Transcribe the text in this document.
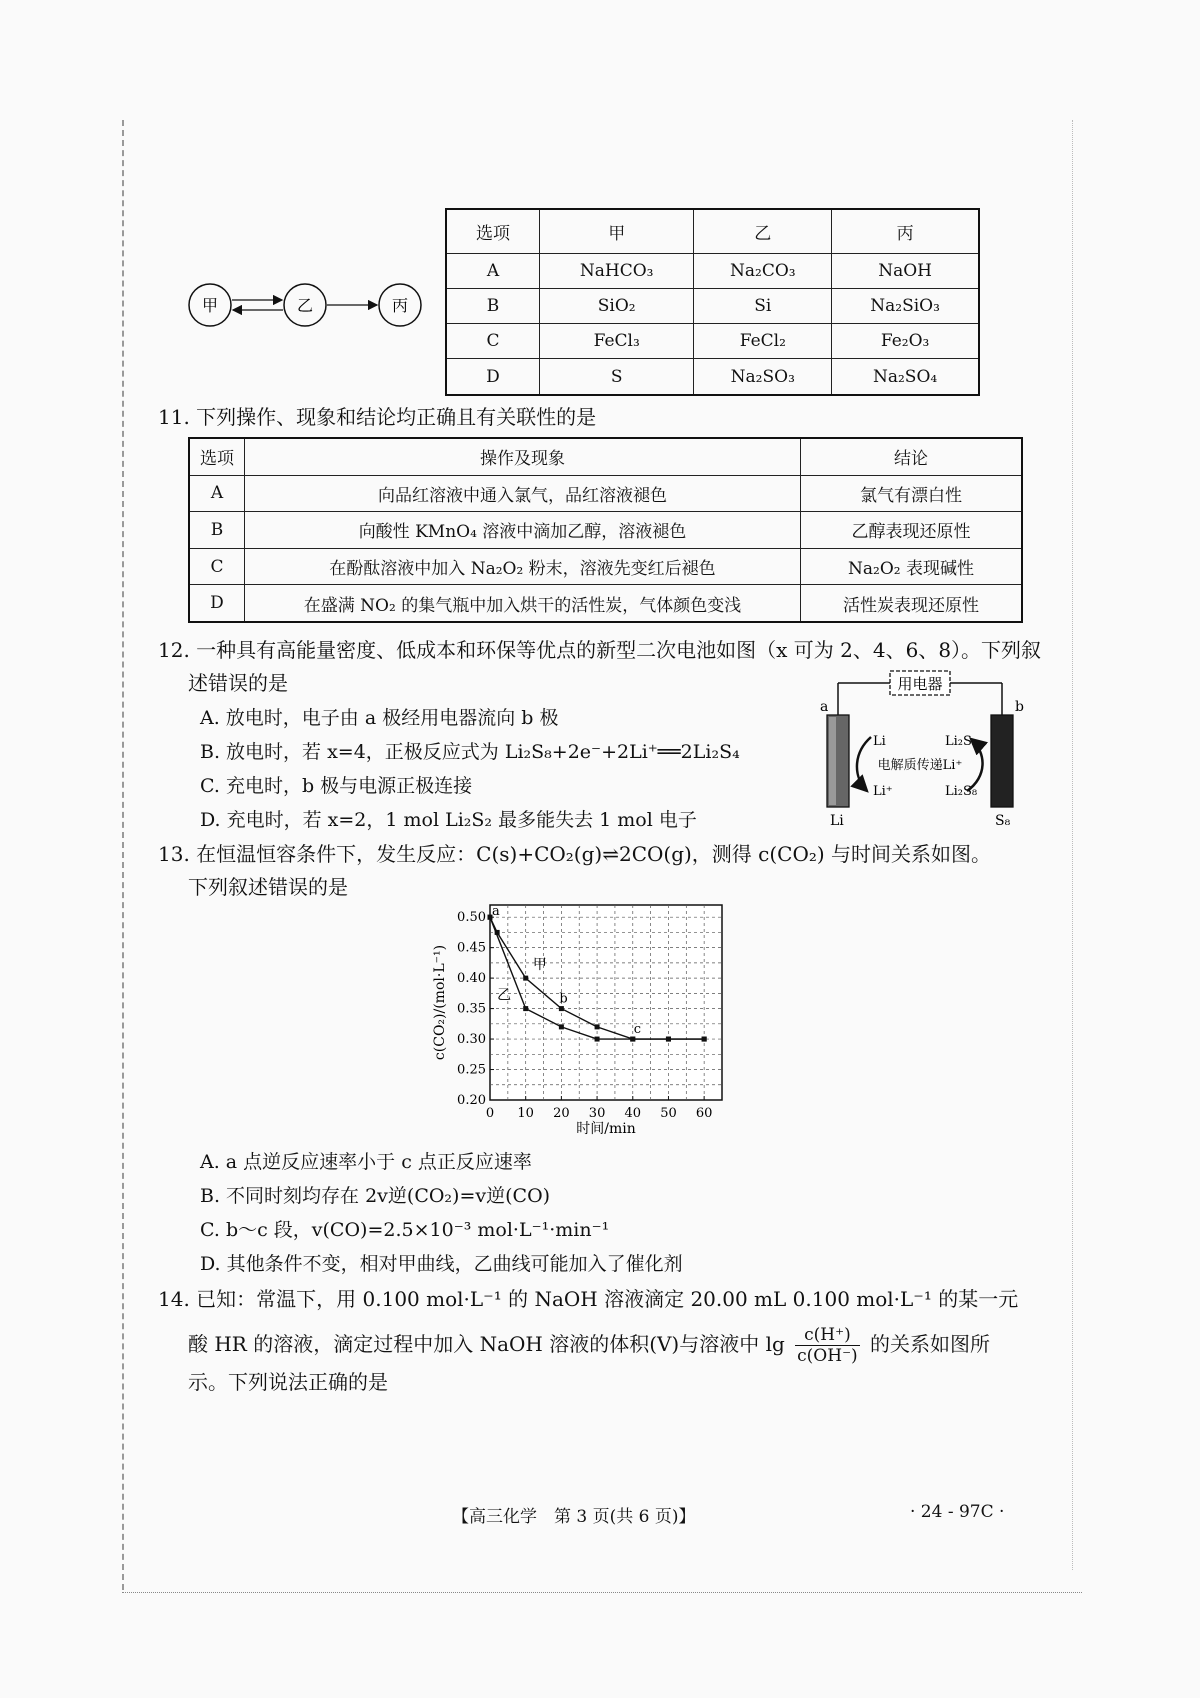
甲	乙	丙
选项	甲	乙	丙
A	NaHCO₃	Na₂CO₃	NaOH
B	SiO₂	Si	Na₂SiO₃
C	FeCl₃	FeCl₂	Fe₂O₃
D	S	Na₂SO₃	Na₂SO₄
11. 下列操作、现象和结论均正确且有关联性的是
选项	操作及现象	结论
A	向品红溶液中通入氯气，品红溶液褪色	氯气有漂白性
B	向酸性 KMnO₄ 溶液中滴加乙醇，溶液褪色	乙醇表现还原性
C	在酚酞溶液中加入 Na₂O₂ 粉末，溶液先变红后褪色	Na₂O₂ 表现碱性
D	在盛满 NO₂ 的集气瓶中加入烘干的活性炭，气体颜色变浅	活性炭表现还原性
12. 一种具有高能量密度、低成本和环保等优点的新型二次电池如图（x 可为 2、4、6、8）。下列叙
述错误的是
A. 放电时，电子由 a 极经用电器流向 b 极
B. 放电时，若 x=4，正极反应式为 Li₂S₈+2e⁻+2Li⁺══2Li₂S₄
C. 充电时，b 极与电源正极连接
D. 充电时，若 x=2，1 mol Li₂S₂ 最多能失去 1 mol 电子
用电器
a	b
Li	S₈
Li	Li₂Sₓ
电解质传递Li⁺
Li⁺	Li₂S₈
13. 在恒温恒容条件下，发生反应：C(s)+CO₂(g)⇌2CO(g)，测得 c(CO₂) 与时间关系如图。
下列叙述错误的是
0 10 20 30 40 50 60
0.20
0.25
0.30
0.35
0.40
0.45
0.50
时间/min
c(CO₂)/(mol·L⁻¹)	甲
乙
a
b
c
A. a 点逆反应速率小于 c 点正反应速率
B. 不同时刻均存在 2v逆(CO₂)=v逆(CO)
C. b～c 段，v(CO)=2.5×10⁻³ mol·L⁻¹·min⁻¹
D. 其他条件不变，相对甲曲线，乙曲线可能加入了催化剂
14. 已知：常温下，用 0.100 mol·L⁻¹ 的 NaOH 溶液滴定 20.00 mL 0.100 mol·L⁻¹ 的某一元
酸 HR 的溶液，滴定过程中加入 NaOH 溶液的体积(V)与溶液中 $\lg \frac{c(H^+)}{c(OH^-)}$ 的关系如图所
示。下列说法正确的是
【高三化学　第 3 页(共 6 页)】	· 24 - 97C ·
